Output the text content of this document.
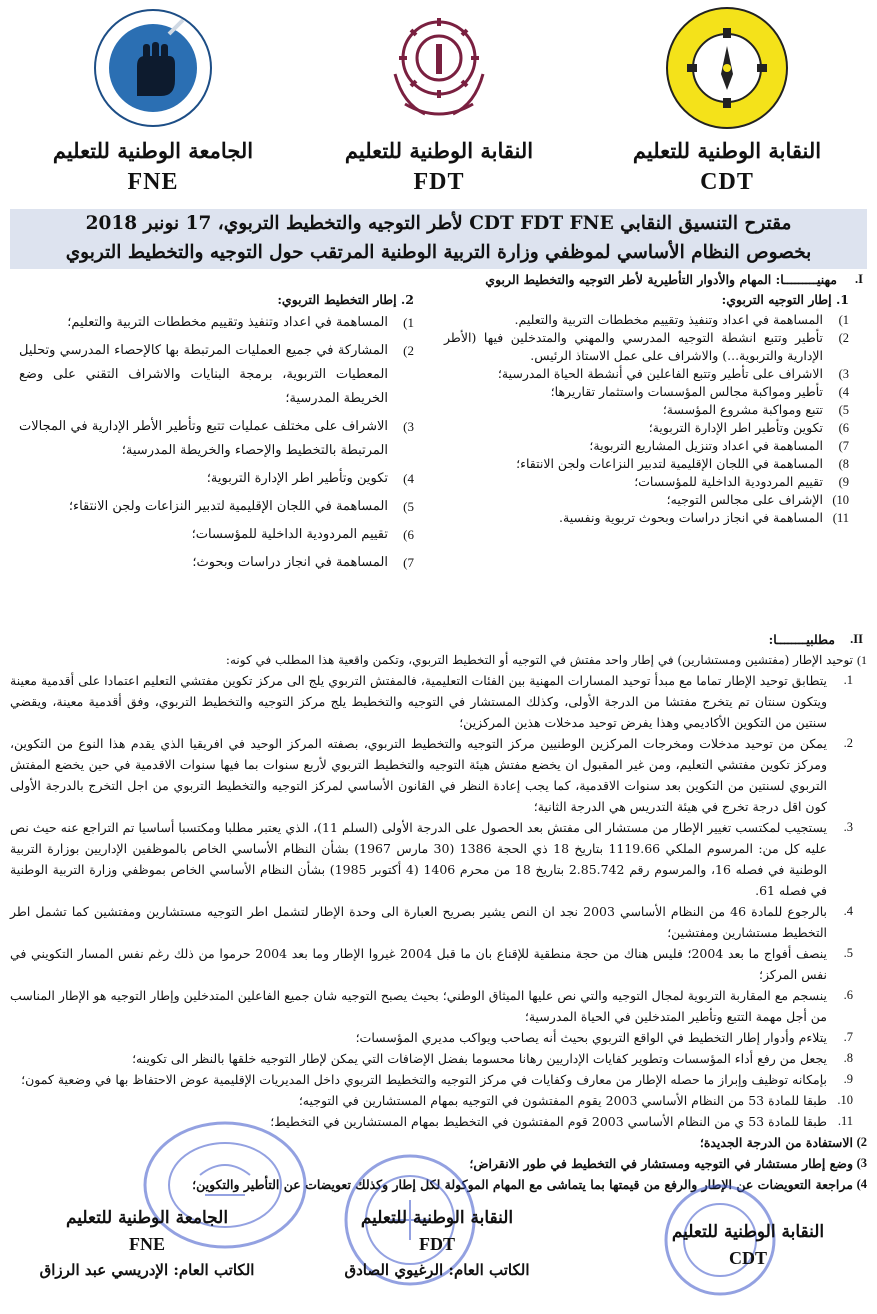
النقابة الوطنية للتعليم
CDT
النقابة الوطنية للتعليم
FDT
الجامعة الوطنية للتعليم
FNE
مقترح التنسيق النقابي CDT FDT FNE لأطر التوجيه والتخطيط التربوي، 17 نونبر 2018
بخصوص النظام الأساسي لموظفي وزارة التربية الوطنية المرتقب حول التوجيه والتخطيط التربوي
I.
مهنيـــــــــا: المهام والأدوار التأطيرية لأطر التوجيه والتخطيط الربوي
1. إطار التوجيه التربوي:
1)
المساهمة في اعداد وتنفيذ وتقييم مخططات التربية والتعليم.
2)
تأطير وتتبع انشطة التوجيه المدرسي والمهني والمتدخلين فيها (الأطر الإدارية والتربوية...) والاشراف على عمل الاستاذ الرئيس.
3)
الاشراف على تأطير وتتبع الفاعلين في أنشطة الحياة المدرسية؛
4)
تأطير ومواكبة مجالس المؤسسات واستثمار تقاريرها؛
5)
تتبع ومواكبة مشروع المؤسسة؛
6)
تكوين وتأطير اطر الإدارة التربوية؛
7)
المساهمة في اعداد وتنزيل المشاريع التربوية؛
8)
المساهمة في اللجان الإقليمية لتدبير النزاعات ولجن الانتقاء؛
9)
تقييم المردودية الداخلية للمؤسسات؛
10)
الإشراف على مجالس التوجيه؛
11)
المساهمة في انجاز دراسات وبحوث تربوية ونفسية.
2. إطار التخطيط التربوي:
1)
المساهمة في اعداد وتنفيذ وتقييم مخططات التربية والتعليم؛
2)
المشاركة في جميع العمليات المرتبطة بها كالإحصاء المدرسي وتحليل المعطيات التربوية، برمجة البنايات والاشراف التقني على وضع الخريطة المدرسية؛
3)
الاشراف على مختلف عمليات تتبع وتأطير الأطر الإدارية في المجالات المرتبطة بالتخطيط والإحصاء والخريطة المدرسية؛
4)
تكوين وتأطير اطر الإدارة التربوية؛
5)
المساهمة في اللجان الإقليمية لتدبير النزاعات ولجن الانتقاء؛
6)
تقييم المردودية الداخلية للمؤسسات؛
7)
المساهمة في انجاز دراسات وبحوث؛
II.
مطلبيــــــــا:
1)
توحيد الإطار (مفتشين ومستشارين) في إطار واحد مفتش في التوجيه أو التخطيط التربوي، وتكمن واقعية هذا المطلب في كونه:
1.
يتطابق توحيد الإطار تماما مع مبدأ توحيد المسارات المهنية بين الفئات التعليمية، فالمفتش التربوي يلج الى مركز تكوين مفتشي التعليم اعتمادا على أقدمية معينة ويتكون سنتان تم يتخرج مفتشا من الدرجة الأولى، وكذلك المستشار في التوجيه والتخطيط يلج مركز التوجيه والتخطيط التربوي، وفق أقدمية معينة، ويقضي سنتين من التكوين الأكاديمي وهذا يفرض توحيد مدخلات هذين المركزين؛
2.
يمكن من توحيد مدخلات ومخرجات المركزين الوطنيين مركز التوجيه والتخطيط التربوي، بصفته المركز الوحيد في افريقيا الذي يقدم هذا النوع من التكوين، ومركز تكوين مفتشي التعليم، ومن غير المقبول ان يخضع مفتش هيئة التوجيه والتخطيط التربوي لأربع سنوات بما فيها سنوات الاقدمية في حين يخضع المفتش التربوي لسنتين من التكوين بعد سنوات الاقدمية، كما يجب إعادة النظر في القانون الأساسي لمركز التوجيه والتخطيط التربوي من اجل التخرج بالدرجة الأولى كون اقل درجة تخرج في هيئة التدريس هي الدرجة الثانية؛
3.
يستجيب لمكتسب تغيير الإطار من مستشار الى مفتش بعد الحصول على الدرجة الأولى (السلم 11)، الذي يعتبر مطلبا ومكتسبا أساسيا تم التراجع عنه حيث نص عليه كل من: المرسوم الملكي 1119.66 بتاريخ 18 ذي الحجة 1386 (30 مارس 1967) بشأن النظام الأساسي الخاص بالموظفين الإداريين بوزارة التربية الوطنية في فصله 16، والمرسوم رقم 2.85.742 بتاريخ 18 من محرم 1406 (4 أكتوبر 1985) بشأن النظام الأساسي الخاص بموظفي وزارة التربية الوطنية في فصله 61.
4.
بالرجوع للمادة 46 من النظام الأساسي 2003 نجد ان النص يشير بصريح العبارة الى وحدة الإطار لتشمل اطر التوجيه مستشارين ومفتشين كما تشمل اطر التخطيط مستشارين ومفتشين؛
5.
ينصف أفواج ما بعد 2004؛ فليس هناك من حجة منطقية للإقناع بان ما قبل 2004 غيروا الإطار وما بعد 2004 حرموا من ذلك رغم نفس المسار التكويني في نفس المركز؛
6.
ينسجم مع المقاربة التربوية لمجال التوجيه والتي نص عليها الميثاق الوطني؛ بحيث يصبح التوجيه شان جميع الفاعلين المتدخلين وإطار التوجيه هو الإطار المناسب من أجل مهمة التتبع وتأطير المتدخلين في الحياة المدرسية؛
7.
يتلاءم وأدوار إطار التخطيط في الواقع التربوي بحيث أنه يصاحب ويواكب مديري المؤسسات؛
8.
يجعل من رفع أداء المؤسسات وتطوير كفايات الإداريين رهانا محسوما بفضل الإضافات التي يمكن لإطار التوجيه خلقها بالنظر الى تكوينه؛
9.
بإمكانه توظيف وإبراز ما حصله الإطار من معارف وكفايات في مركز التوجيه والتخطيط التربوي داخل المديريات الإقليمية عوض الاحتفاظ بها في وضعية كمون؛
10.
طبقا للمادة 53 من النظام الأساسي 2003 يقوم المفتشون في التوجيه بمهام المستشارين في التوجيه؛
11.
طبقا للمادة 53 ي من النظام الأساسي 2003 قوم المفتشون في التخطيط بمهام المستشارين في التخطيط؛
2)
الاستفادة من الدرجة الجديدة؛
3)
وضع إطار مستشار في التوجيه ومستشار في التخطيط في طور الانقراض؛
4)
مراجعة التعويضات عن الإطار والرفع من قيمتها بما يتماشى مع المهام الموكولة لكل إطار وكذلك تعويضات عن التأطير والتكوين؛
النقابة الوطنية للتعليم
CDT
النقابة الوطنية للتعليم
FDT
الكاتب العام: الرغيوي الصادق
الجامعة الوطنية للتعليم
FNE
الكاتب العام: الإدريسي عبد الرزاق
